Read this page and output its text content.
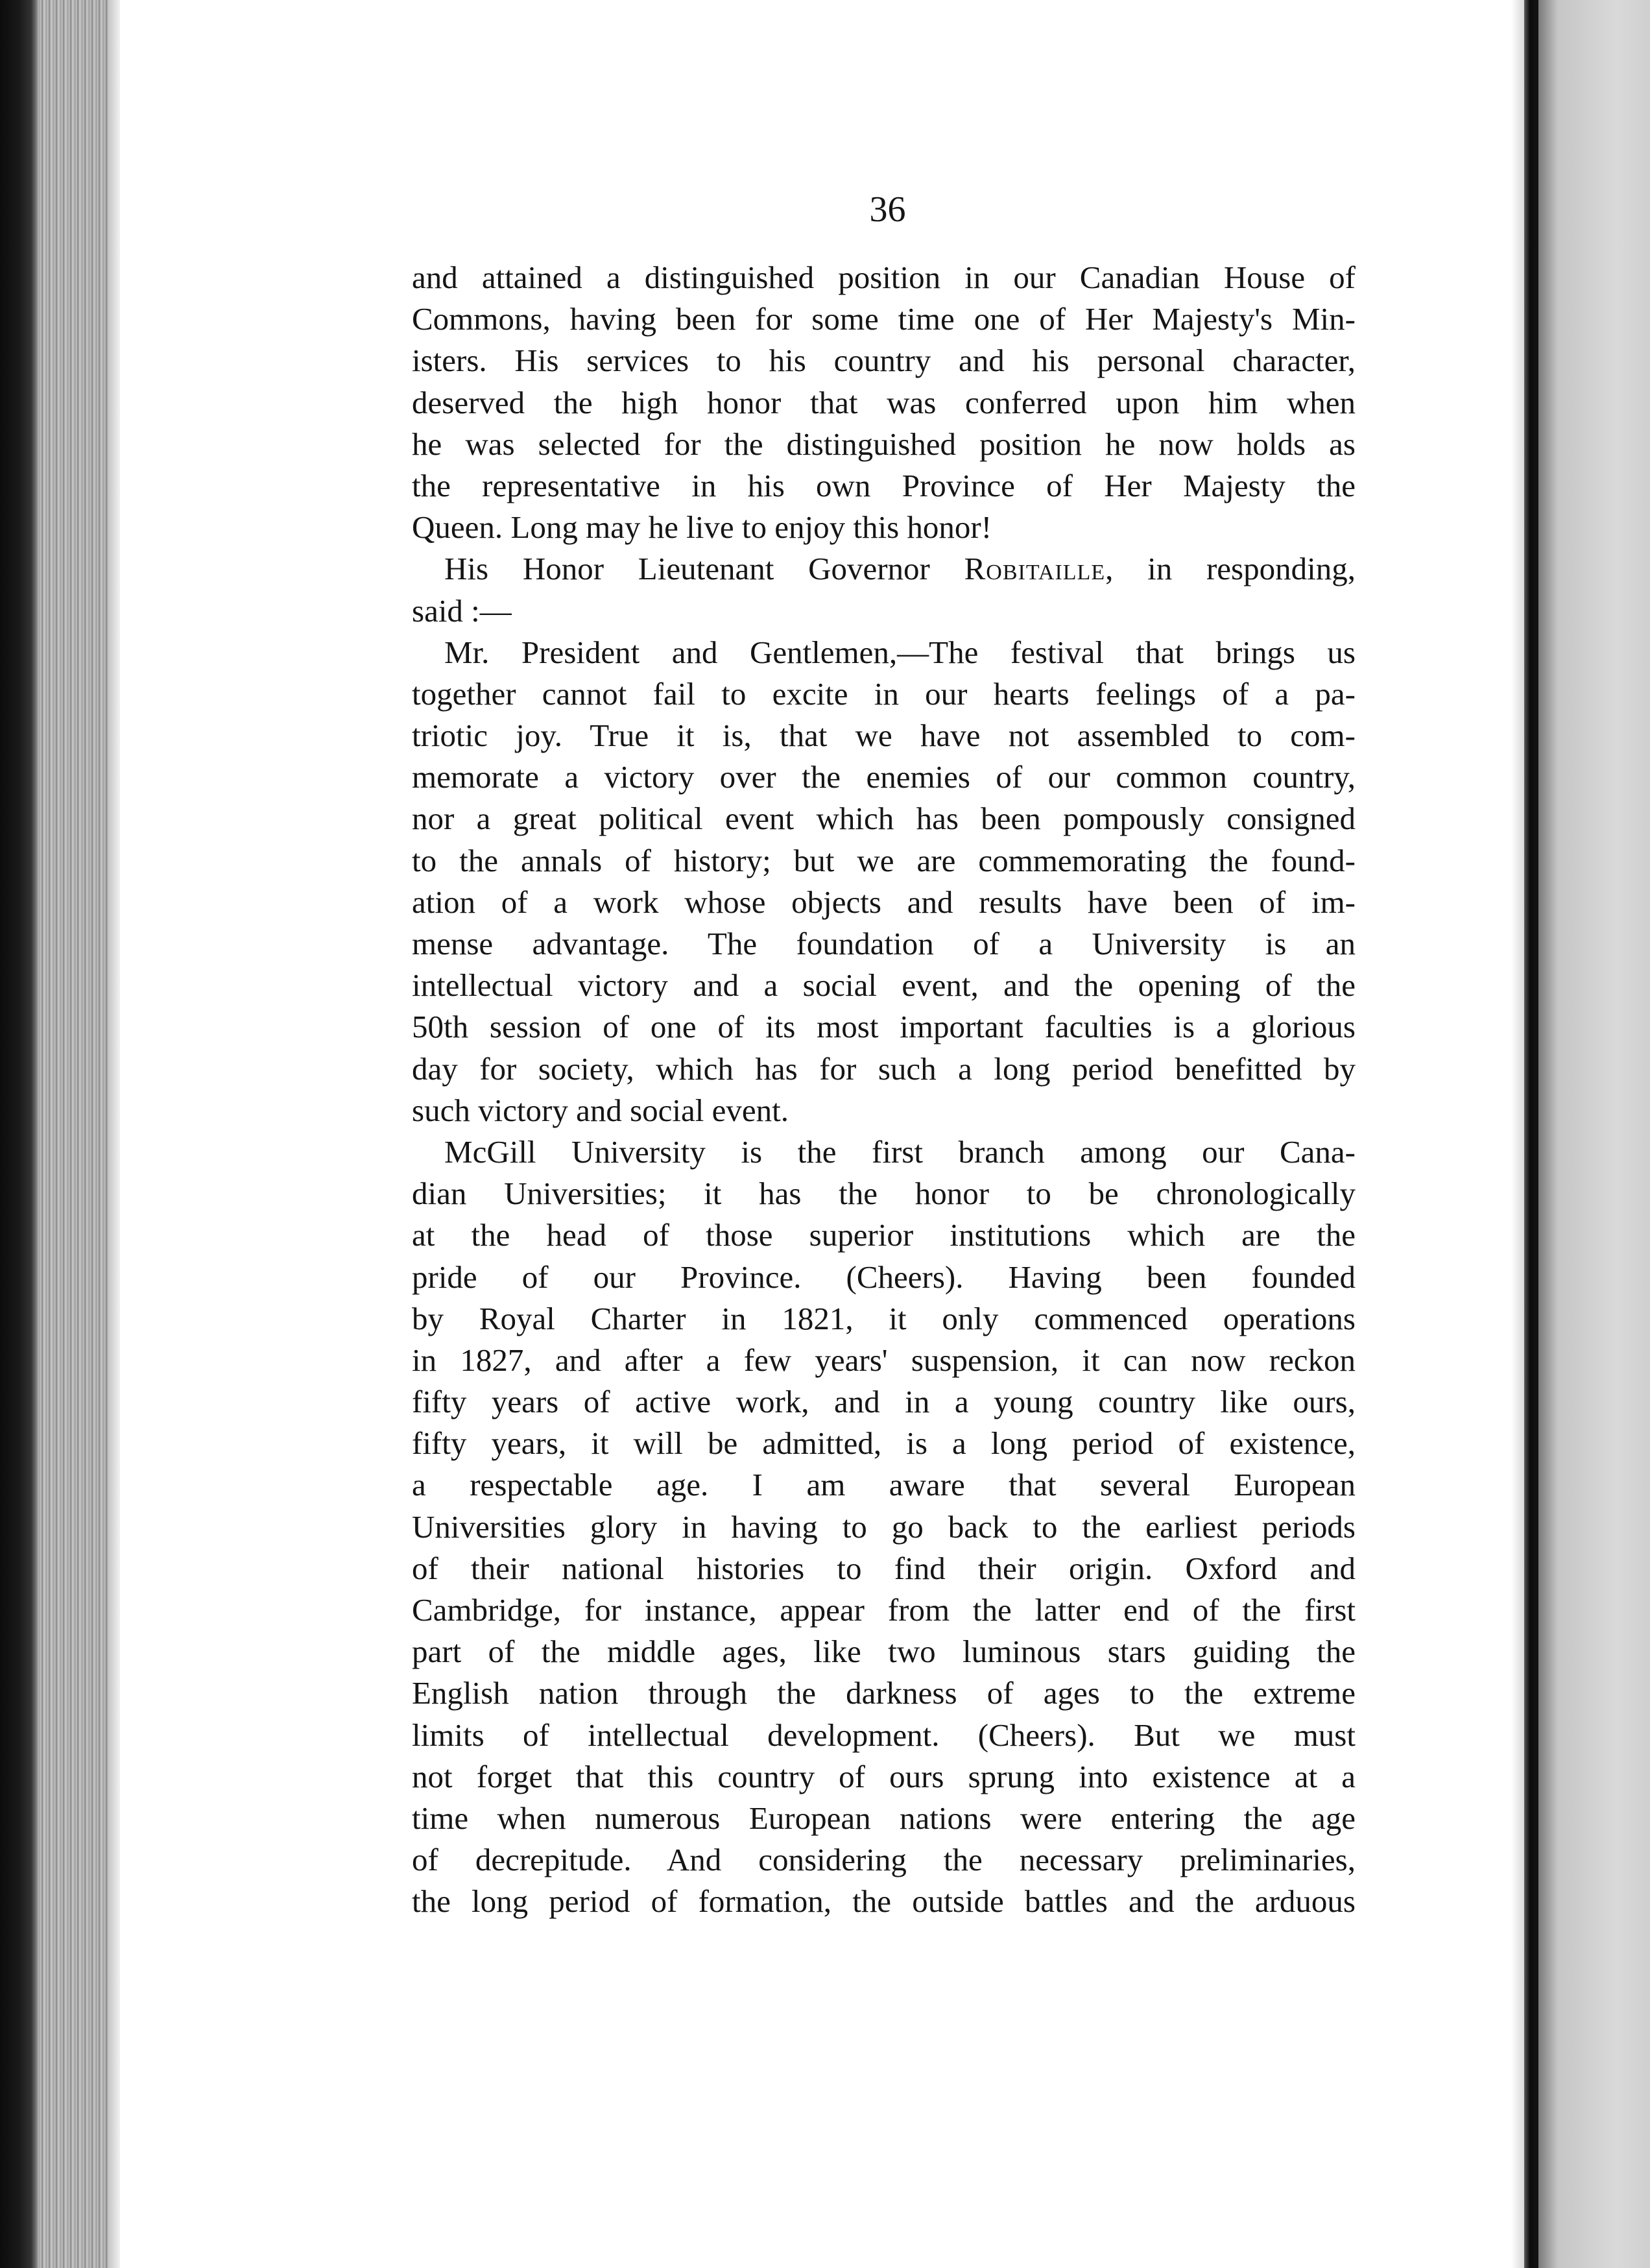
36
and attained a distinguished position in our Canadian House of
Commons, having been for some time one of Her Majesty's Min-
isters. His services to his country and his personal character,
deserved the high honor that was conferred upon him when
he was selected for the distinguished position he now holds as
the representative in his own Province of Her Majesty the
Queen. Long may he live to enjoy this honor!
His Honor Lieutenant Governor Robitaille, in responding,
said :—
Mr. President and Gentlemen,—The festival that brings us
together cannot fail to excite in our hearts feelings of a pa-
triotic joy. True it is, that we have not assembled to com-
memorate a victory over the enemies of our common country,
nor a great political event which has been pompously consigned
to the annals of history; but we are commemorating the found-
ation of a work whose objects and results have been of im-
mense advantage. The foundation of a University is an
intellectual victory and a social event, and the opening of the
50th session of one of its most important faculties is a glorious
day for society, which has for such a long period benefitted by
such victory and social event.
McGill University is the first branch among our Cana-
dian Universities; it has the honor to be chronologically
at the head of those superior institutions which are the
pride of our Province. (Cheers). Having been founded
by Royal Charter in 1821, it only commenced operations
in 1827, and after a few years' suspension, it can now reckon
fifty years of active work, and in a young country like ours,
fifty years, it will be admitted, is a long period of existence,
a respectable age. I am aware that several European
Universities glory in having to go back to the earliest periods
of their national histories to find their origin. Oxford and
Cambridge, for instance, appear from the latter end of the first
part of the middle ages, like two luminous stars guiding the
English nation through the darkness of ages to the extreme
limits of intellectual development. (Cheers). But we must
not forget that this country of ours sprung into existence at a
time when numerous European nations were entering the age
of decrepitude. And considering the necessary preliminaries,
the long period of formation, the outside battles and the arduous
